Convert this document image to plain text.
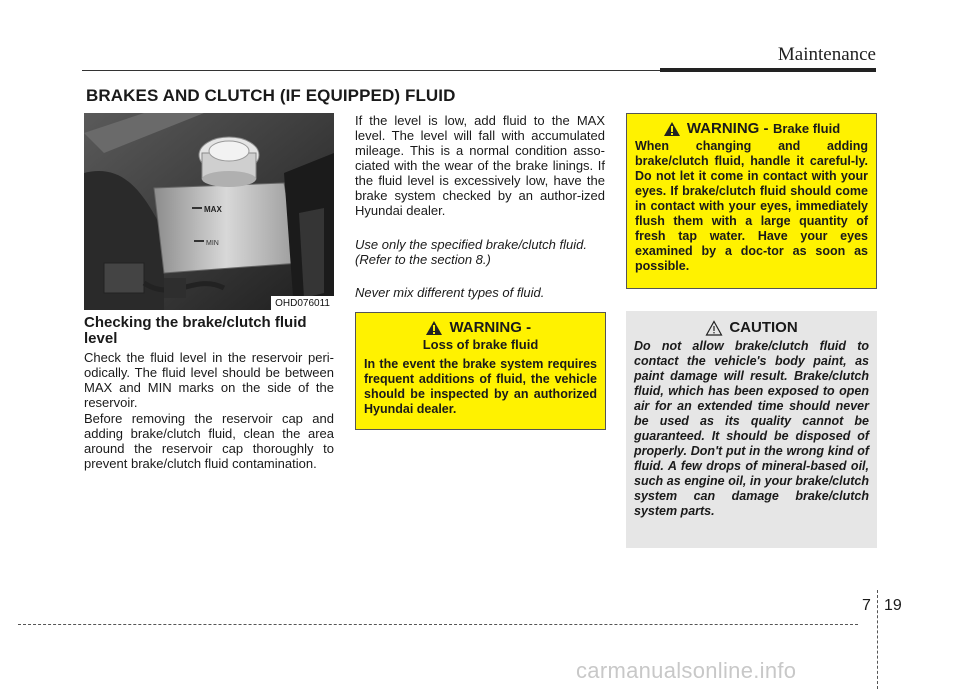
Maintenance
BRAKES AND CLUTCH (IF EQUIPPED) FLUID
MAX
MIN
OHD076011
Checking the brake/clutch fluid level
Check the fluid level in the reservoir peri-odically. The fluid level should be between MAX and MIN marks on the side of the reservoir.
Before removing the reservoir cap and adding brake/clutch fluid, clean the area around the reservoir cap thoroughly to prevent brake/clutch fluid contamination.
If the level is low, add fluid to the MAX level. The level will fall with accumulated mileage. This is a normal condition asso-ciated with the wear of the brake linings. If the fluid level is excessively low, have the brake system checked by an author-ized Hyundai dealer.
Use only the specified brake/clutch fluid. (Refer to the section 8.)
Never mix different types of fluid.
WARNING -

Loss of brake fluid
In the event the brake system requires frequent additions of fluid, the vehicle should be inspected by an authorized Hyundai dealer.
WARNING -
Brake fluid
When changing and adding brake/clutch fluid, handle it careful-ly. Do not let it come in contact with your eyes. If brake/clutch fluid should come in contact with your eyes, immediately flush them with a large quantity of fresh tap water. Have your eyes examined by a doc-tor as soon as possible.
CAUTION
Do not allow brake/clutch fluid to contact the vehicle's body paint, as paint damage will result. Brake/clutch fluid, which has been exposed to open air for an extended time should never be used as its quality cannot be guaranteed. It should be disposed of properly. Don't put in the wrong kind of fluid. A few drops of mineral-based oil, such as engine oil, in your brake/clutch system can damage brake/clutch system parts.
7 19
carmanualsonline.info
